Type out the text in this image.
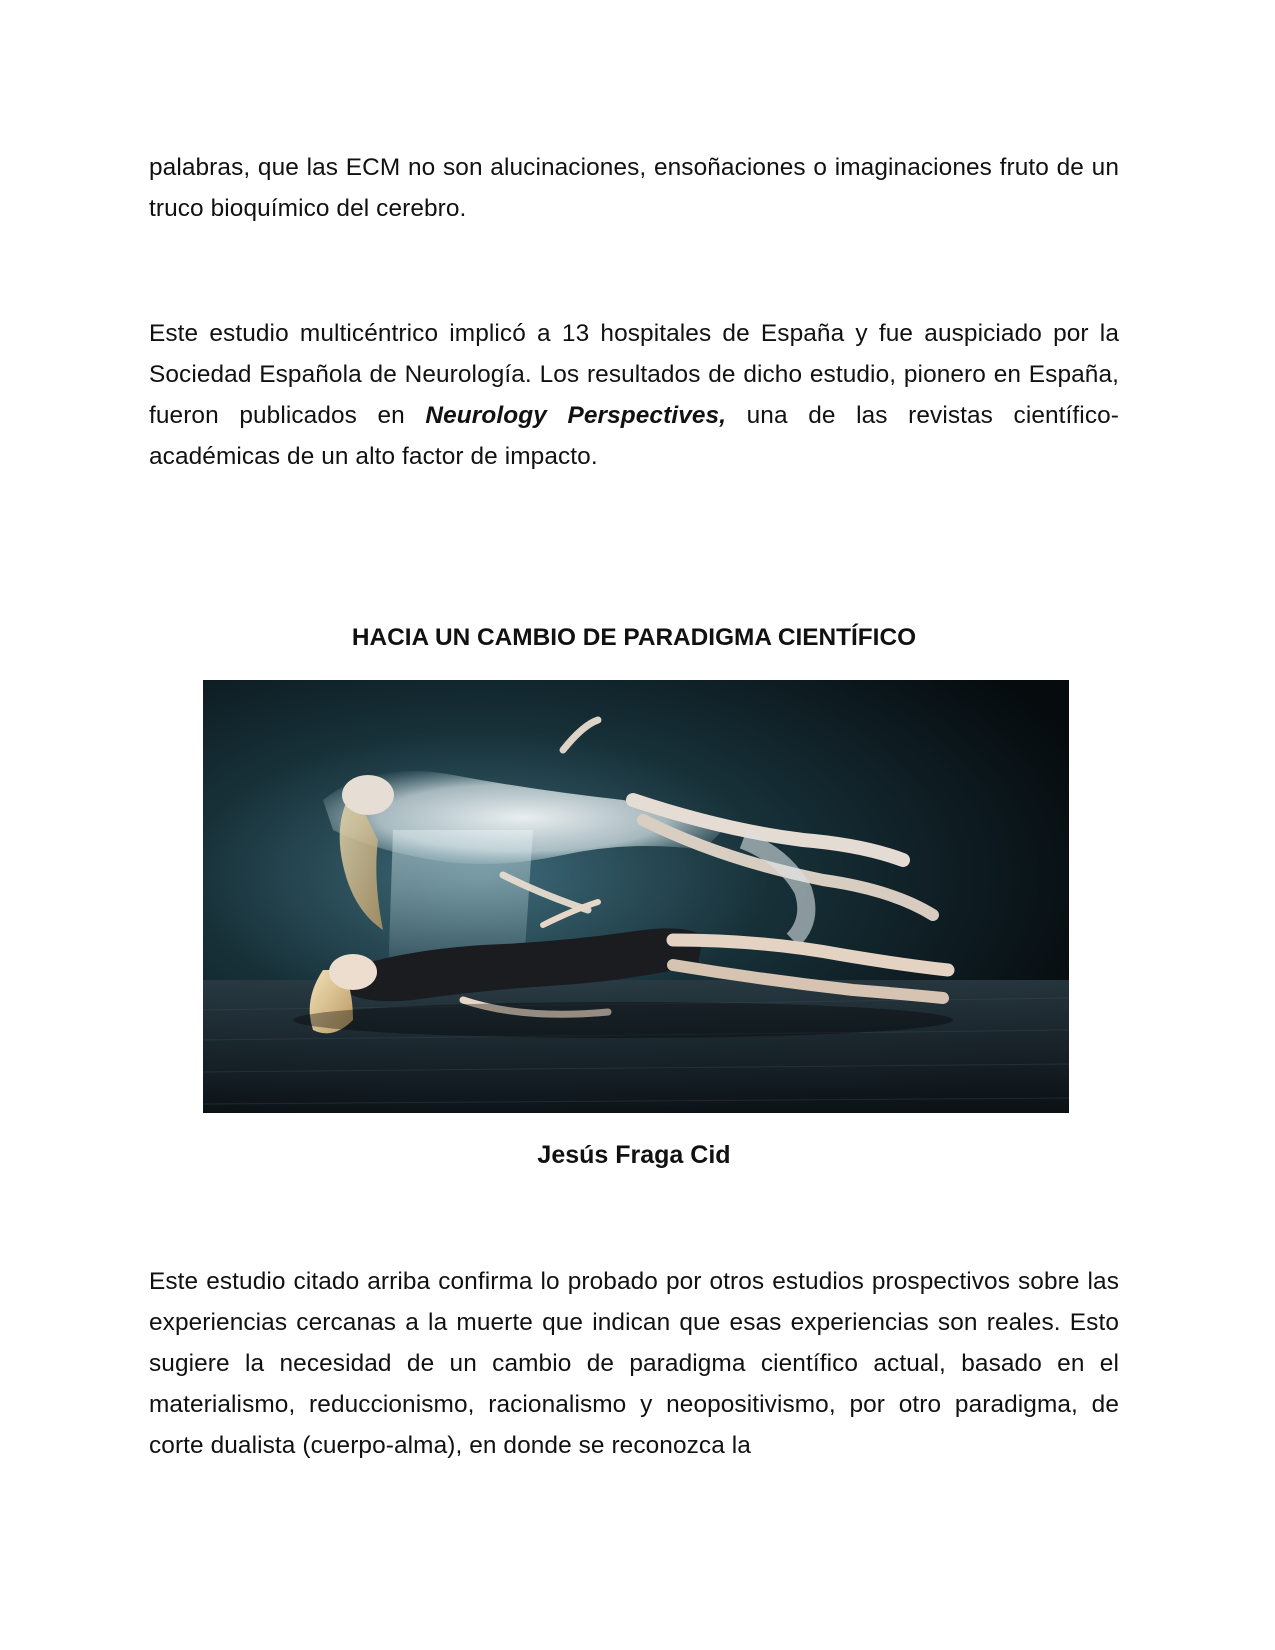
palabras, que las ECM no son alucinaciones, ensoñaciones o imaginaciones fruto de un truco bioquímico del cerebro.

Este estudio multicéntrico implicó a 13 hospitales de España y fue auspiciado por la Sociedad Española de Neurología. Los resultados de dicho estudio, pionero en España, fueron publicados en Neurology Perspectives, una de las revistas científico-académicas de un alto factor de impacto.

HACIA UN CAMBIO DE PARADIGMA CIENTÍFICO

Jesús Fraga Cid

Este estudio citado arriba confirma lo probado por otros estudios prospectivos sobre las experiencias cercanas a la muerte que indican que esas experiencias son reales. Esto sugiere la necesidad de un cambio de paradigma científico actual, basado en el materialismo, reduccionismo, racionalismo y neopositivismo, por otro paradigma, de corte dualista (cuerpo-alma), en donde se reconozca la
